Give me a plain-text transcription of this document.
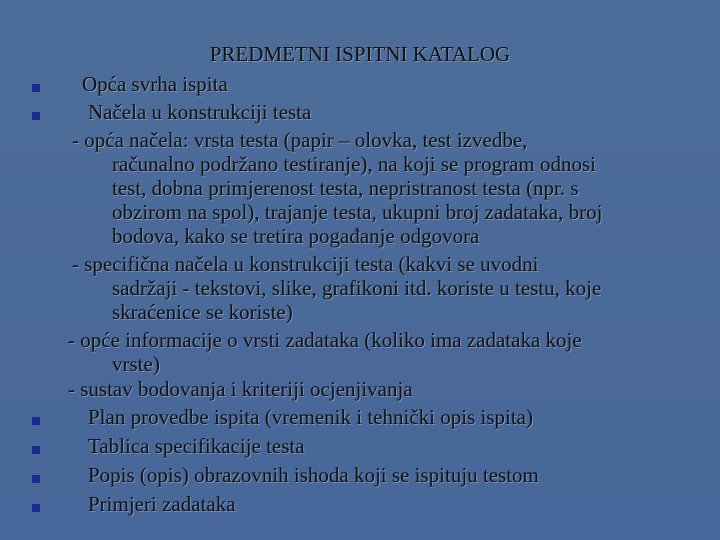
PREDMETNI ISPITNI KATALOG
Opća svrha ispita
Načela u konstrukciji testa
- opća načela: vrsta testa (papir – olovka, test izvedbe,
računalno podržano testiranje), na koji se program odnosi
test, dobna primjerenost testa, nepristranost testa (npr. s
obzirom na spol), trajanje testa, ukupni broj zadataka, broj
bodova, kako se tretira pogađanje odgovora
- specifična načela u konstrukciji testa (kakvi se uvodni
sadržaji - tekstovi, slike, grafikoni itd. koriste u testu, koje
skraćenice se koriste)
- opće informacije o vrsti zadataka (koliko ima zadataka koje
vrste)
- sustav bodovanja i kriteriji ocjenjivanja
Plan provedbe ispita (vremenik i tehnički opis ispita)
Tablica specifikacije testa
Popis (opis) obrazovnih ishoda koji se ispituju testom
Primjeri zadataka
